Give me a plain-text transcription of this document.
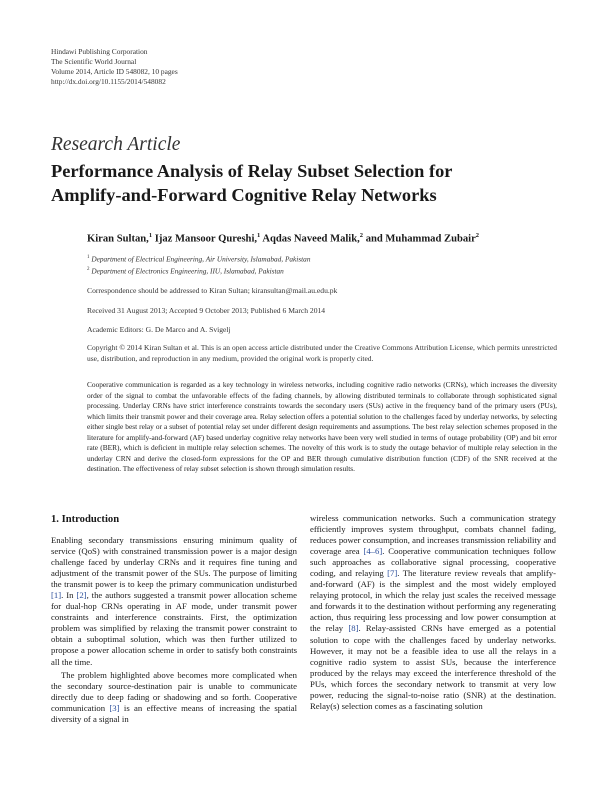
Hindawi Publishing Corporation
The Scientific World Journal
Volume 2014, Article ID 548082, 10 pages
http://dx.doi.org/10.1155/2014/548082
Research Article
Performance Analysis of Relay Subset Selection for
Amplify-and-Forward Cognitive Relay Networks
Kiran Sultan,$^1$ Ijaz Mansoor Qureshi,$^1$ Aqdas Naveed Malik,$^2$ and Muhammad Zubair$^2$
$^1$ Department of Electrical Engineering, Air University, Islamabad, Pakistan
$^2$ Department of Electronics Engineering, IIU, Islamabad, Pakistan
Correspondence should be addressed to Kiran Sultan; kiransultan@mail.au.edu.pk
Received 31 August 2013; Accepted 9 October 2013; Published 6 March 2014
Academic Editors: G. De Marco and A. Svigelj
Copyright © 2014 Kiran Sultan et al. This is an open access article distributed under the Creative Commons Attribution License, which permits unrestricted use, distribution, and reproduction in any medium, provided the original work is properly cited.
Cooperative communication is regarded as a key technology in wireless networks, including cognitive radio networks (CRNs), which increases the diversity order of the signal to combat the unfavorable effects of the fading channels, by allowing distributed terminals to collaborate through sophisticated signal processing. Underlay CRNs have strict interference constraints towards the secondary users (SUs) active in the frequency band of the primary users (PUs), which limits their transmit power and their coverage area. Relay selection offers a potential solution to the challenges faced by underlay networks, by selecting either single best relay or a subset of potential relay set under different design requirements and assumptions. The best relay selection schemes proposed in the literature for amplify-and-forward (AF) based underlay cognitive relay networks have been very well studied in terms of outage probability (OP) and bit error rate (BER), which is deficient in multiple relay selection schemes. The novelty of this work is to study the outage behavior of multiple relay selection in the underlay CRN and derive the closed-form expressions for the OP and BER through cumulative distribution function (CDF) of the SNR received at the destination. The effectiveness of relay subset selection is shown through simulation results.
1. Introduction

Enabling secondary transmissions ensuring minimum quality of service (QoS) with constrained transmission power is a major design challenge faced by underlay CRNs and it requires fine tuning and adjustment of the transmit power of the SUs. The purpose of limiting the transmit power is to keep the primary communication undisturbed [1]. In [2], the authors suggested a transmit power allocation scheme for dual-hop CRNs operating in AF mode, under transmit power constraints and interference constraints. First, the optimization problem was simplified by relaxing the transmit power constraint to obtain a suboptimal solution, which was then further utilized to propose a power allocation scheme in order to satisfy both constraints all the time.

The problem highlighted above becomes more complicated when the secondary source-destination pair is unable to communicate directly due to deep fading or shadowing and so forth. Cooperative communication [3] is an effective means of increasing the spatial diversity of a signal in

wireless communication networks. Such a communication strategy efficiently improves system throughput, combats channel fading, reduces power consumption, and increases transmission reliability and coverage area [4–6]. Cooperative communication techniques follow such approaches as collaborative signal processing, cooperative coding, and relaying [7]. The literature review reveals that amplify-and-forward (AF) is the simplest and the most widely employed relaying protocol, in which the relay just scales the received message and forwards it to the destination without performing any regenerating action, thus requiring less processing and low power consumption at the relay [8]. Relay-assisted CRNs have emerged as a potential solution to cope with the challenges faced by underlay networks. However, it may not be a feasible idea to use all the relays in a cognitive radio system to assist SUs, because the interference produced by the relays may exceed the interference threshold of the PUs, which forces the secondary network to transmit at very low power, reducing the signal-to-noise ratio (SNR) at the destination. Relay(s) selection comes as a fascinating solution
